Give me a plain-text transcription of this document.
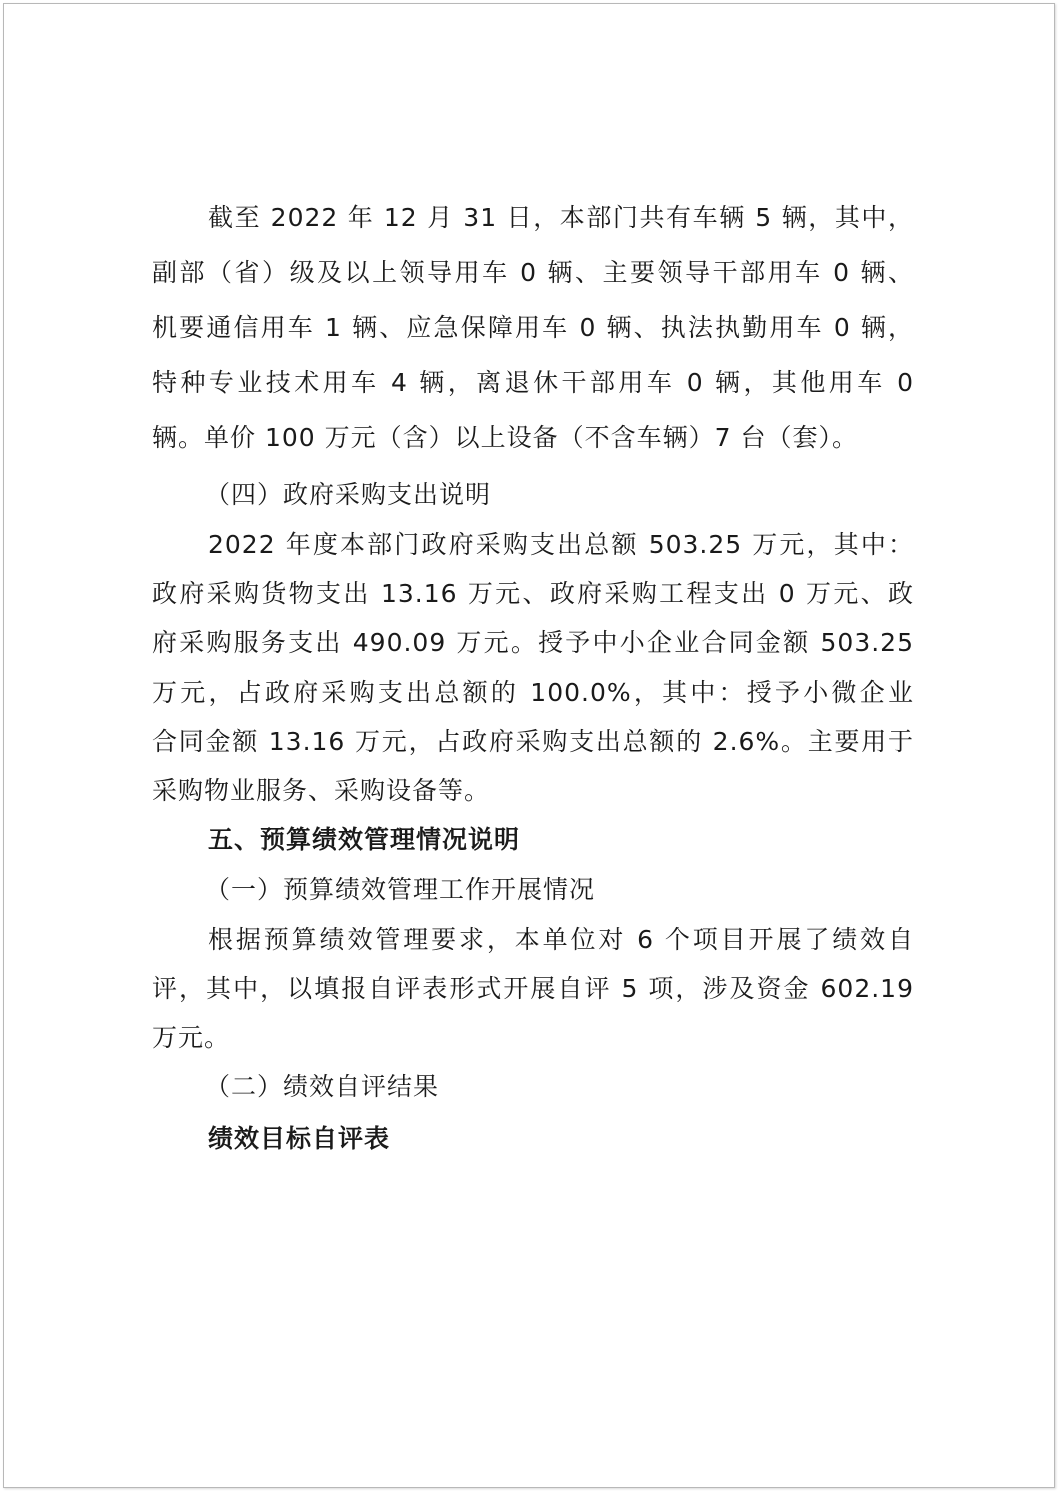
截至 2022 年 12 月 31 日，本部门共有车辆 5 辆，其中，
副部（省）级及以上领导用车 0 辆、主要领导干部用车 0 辆、
机要通信用车 1 辆、应急保障用车 0 辆、执法执勤用车 0 辆，
特种专业技术用车 4 辆，离退休干部用车 0 辆，其他用车 0
辆。单价 100 万元（含）以上设备（不含车辆）7 台（套）。
（四）政府采购支出说明
2022 年度本部门政府采购支出总额 503.25 万元，其中：
政府采购货物支出 13.16 万元、政府采购工程支出 0 万元、政
府采购服务支出 490.09 万元。授予中小企业合同金额 503.25
万元，占政府采购支出总额的 100.0%，其中：授予小微企业
合同金额 13.16 万元，占政府采购支出总额的 2.6%。主要用于
采购物业服务、采购设备等。
五、预算绩效管理情况说明
（一）预算绩效管理工作开展情况
根据预算绩效管理要求，本单位对 6 个项目开展了绩效自
评，其中，以填报自评表形式开展自评 5 项，涉及资金 602.19
万元。
（二）绩效自评结果
绩效目标自评表
